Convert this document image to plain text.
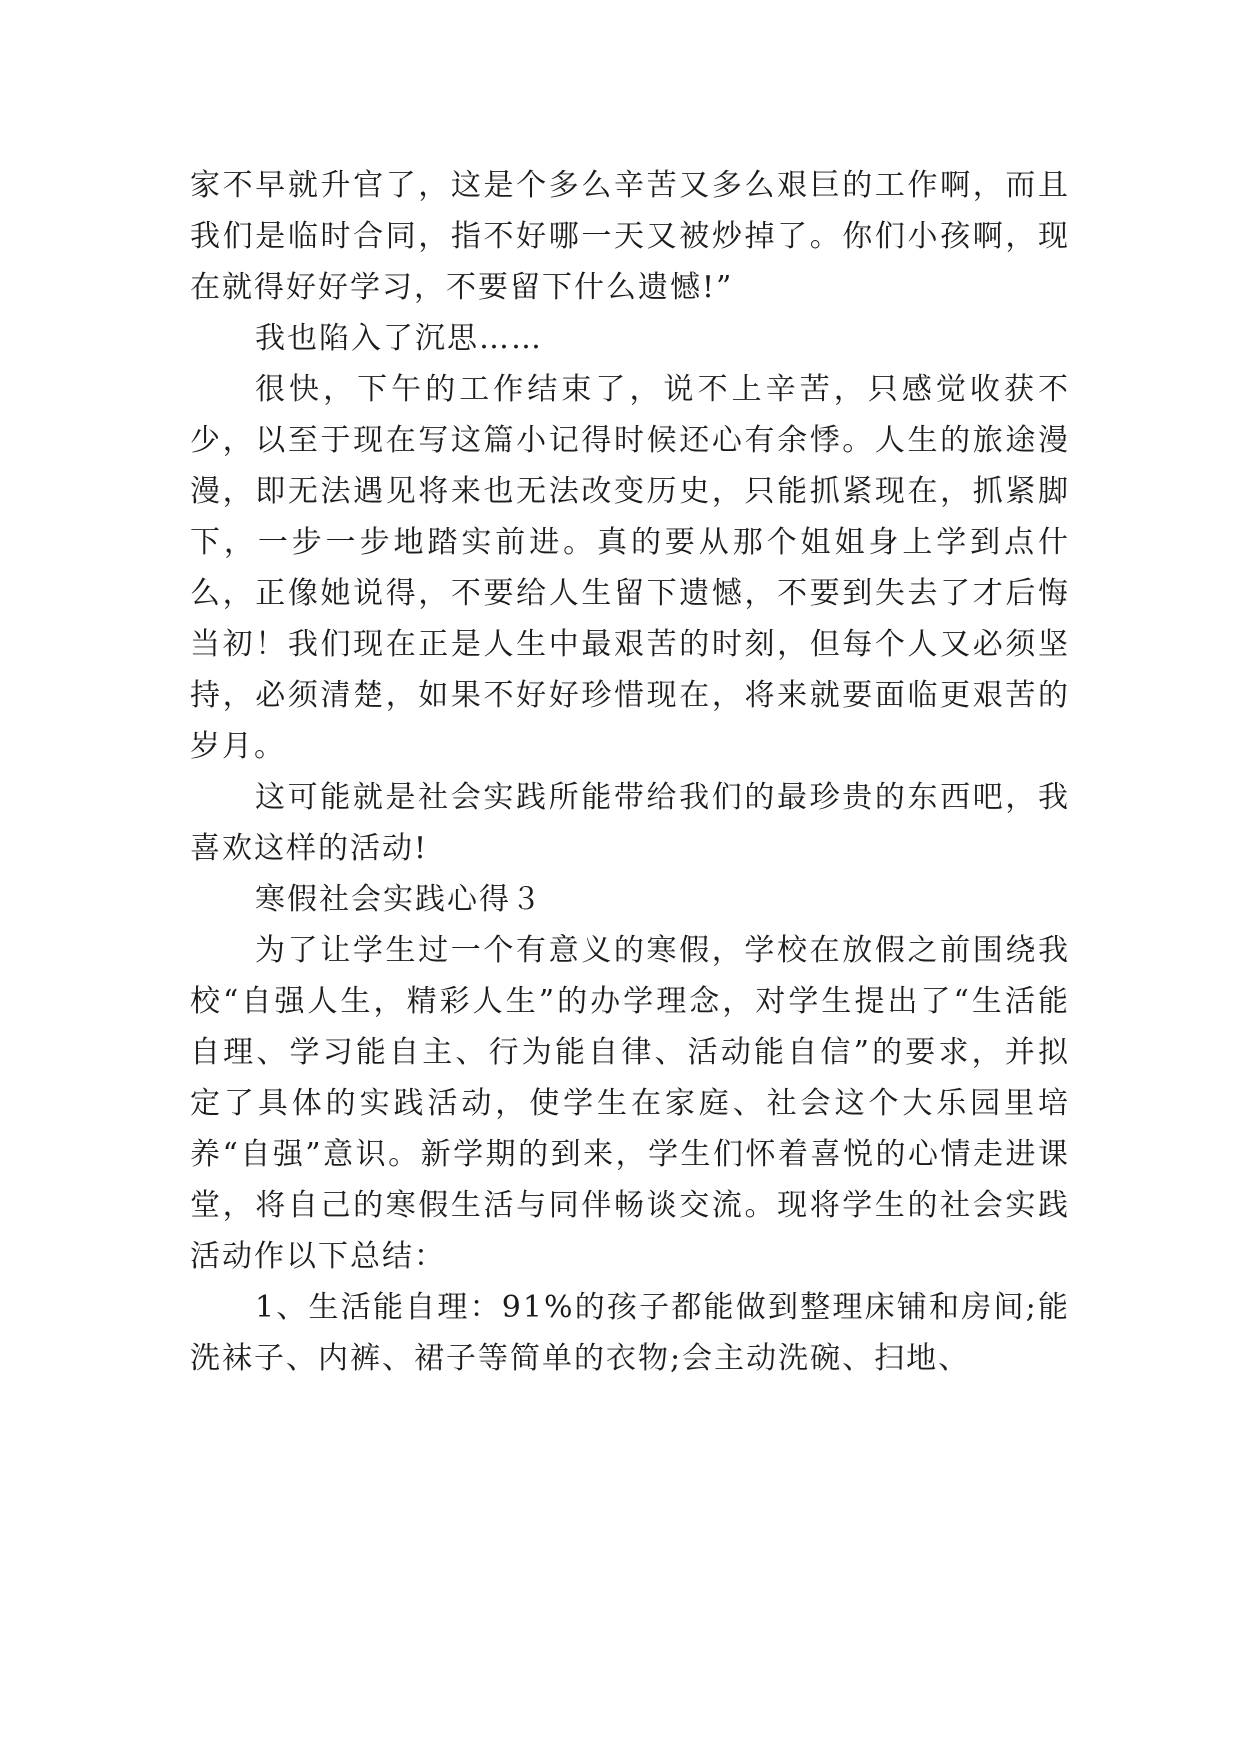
家不早就升官了，这是个多么辛苦又多么艰巨的工作啊，而且我们是临时合同，指不好哪一天又被炒掉了。你们小孩啊，现在就得好好学习，不要留下什么遗憾!”

我也陷入了沉思……

很快，下午的工作结束了，说不上辛苦，只感觉收获不少，以至于现在写这篇小记得时候还心有余悸。人生的旅途漫漫，即无法遇见将来也无法改变历史，只能抓紧现在，抓紧脚下，一步一步地踏实前进。真的要从那个姐姐身上学到点什么，正像她说得，不要给人生留下遗憾，不要到失去了才后悔当初！我们现在正是人生中最艰苦的时刻，但每个人又必须坚持，必须清楚，如果不好好珍惜现在，将来就要面临更艰苦的岁月。

这可能就是社会实践所能带给我们的最珍贵的东西吧，我喜欢这样的活动!

寒假社会实践心得３

为了让学生过一个有意义的寒假，学校在放假之前围绕我校“自强人生，精彩人生”的办学理念，对学生提出了“生活能自理、学习能自主、行为能自律、活动能自信”的要求，并拟定了具体的实践活动，使学生在家庭、社会这个大乐园里培养“自强”意识。新学期的到来，学生们怀着喜悦的心情走进课堂，将自己的寒假生活与同伴畅谈交流。现将学生的社会实践活动作以下总结：

1、生活能自理：91%的孩子都能做到整理床铺和房间;能洗袜子、内裤、裙子等简单的衣物;会主动洗碗、扫地、
